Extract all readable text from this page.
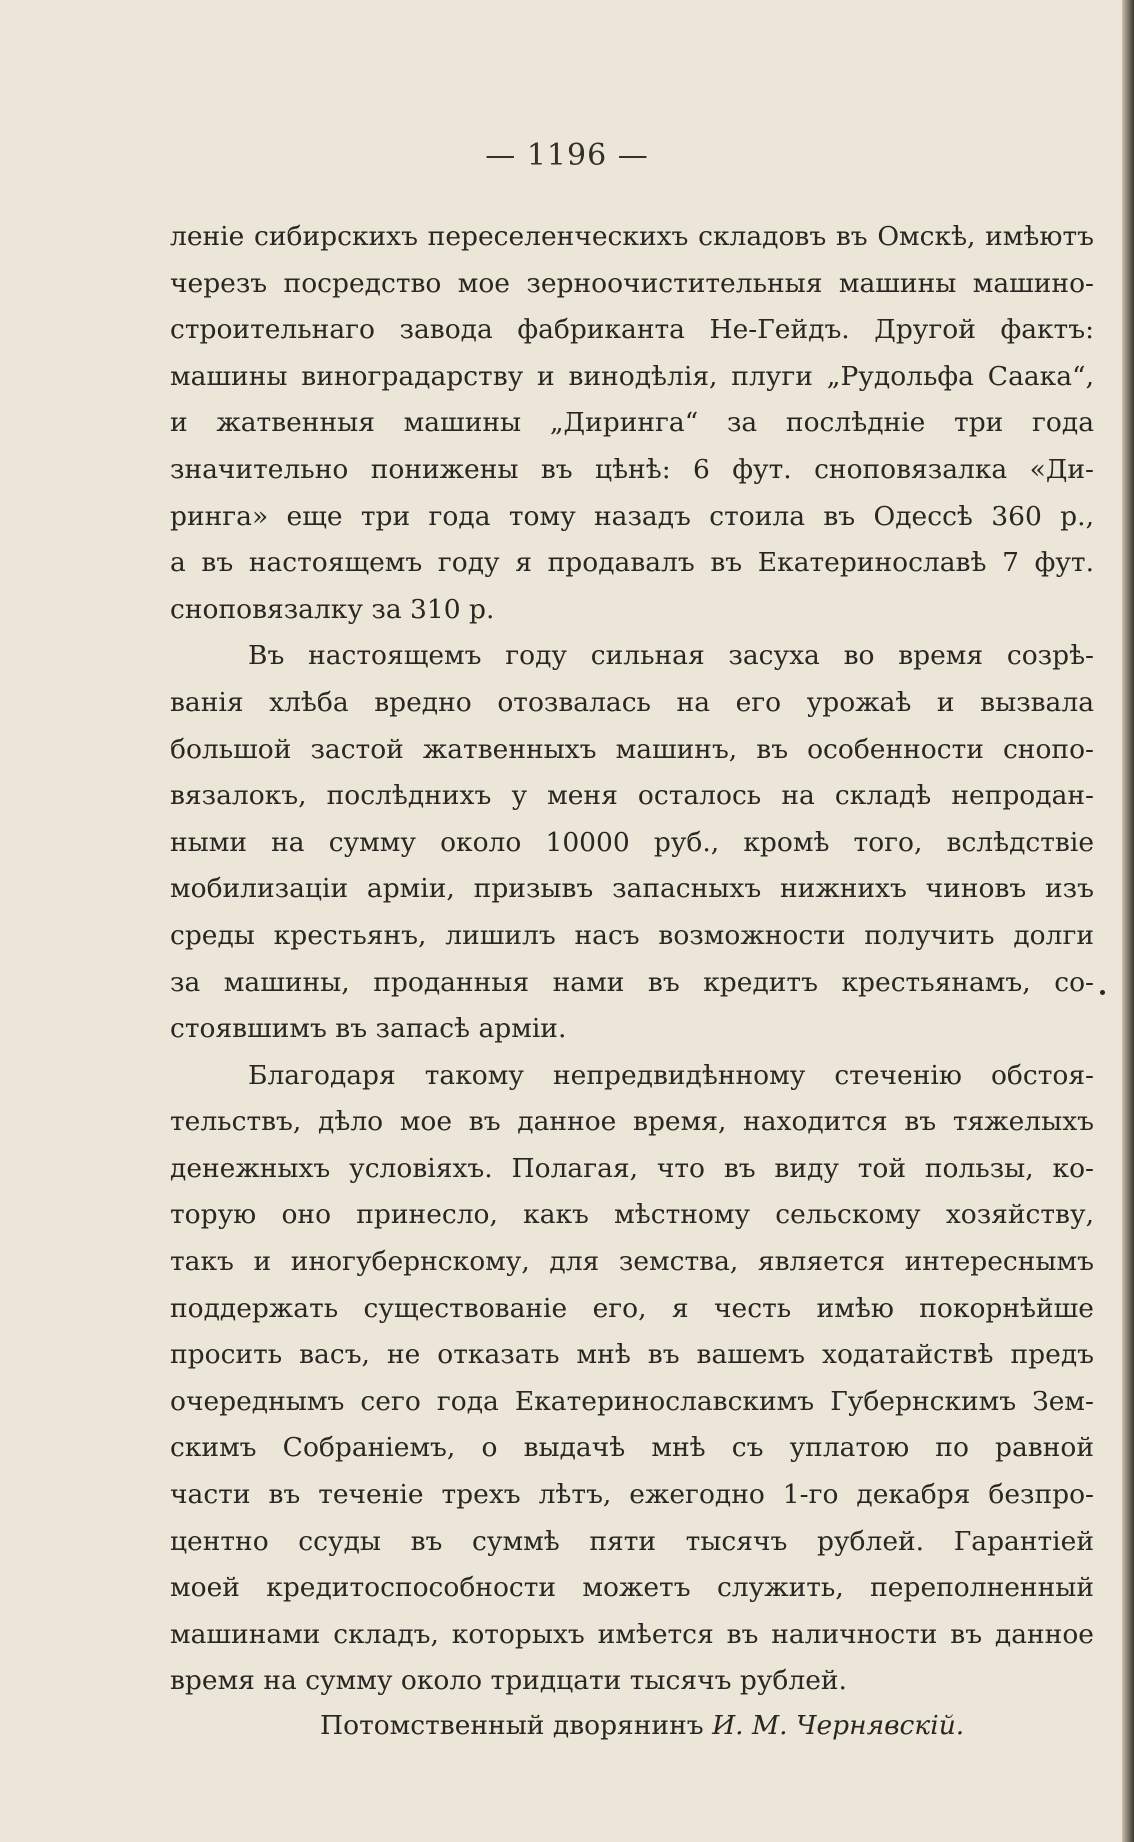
— 1196 —
леніе сибирскихъ переселенческихъ складовъ въ Омскѣ, имѣютъ
черезъ посредство мое зерноочистительныя машины машино-
строительнаго завода фабриканта Не-Гейдъ. Другой фактъ:
машины виноградарству и винодѣлія, плуги „Рудольфа Саака“,
и жатвенныя машины „Диринга“ за послѣдніе три года
значительно понижены въ цѣнѣ: 6 фут. сноповязалка «Ди-
ринга» еще три года тому назадъ стоила въ Одессѣ 360 р.,
а въ настоящемъ году я продавалъ въ Екатеринославѣ 7 фут.
сноповязалку за 310 р.
Въ настоящемъ году сильная засуха во время созрѣ-
ванія хлѣба вредно отозвалась на его урожаѣ и вызвала
большой застой жатвенныхъ машинъ, въ особенности снопо-
вязалокъ, послѣднихъ у меня осталось на складѣ непродан-
ными на сумму около 10000 руб., кромѣ того, вслѣдствіе
мобилизаціи арміи, призывъ запасныхъ нижнихъ чиновъ изъ
среды крестьянъ, лишилъ насъ возможности получить долги
за машины, проданныя нами въ кредитъ крестьянамъ, со-
стоявшимъ въ запасѣ арміи.
Благодаря такому непредвидѣнному стеченію обстоя-
тельствъ, дѣло мое въ данное время, находится въ тяжелыхъ
денежныхъ условіяхъ. Полагая, что въ виду той пользы, ко-
торую оно принесло, какъ мѣстному сельскому хозяйству,
такъ и иногубернскому, для земства, является интереснымъ
поддержать существованіе его, я честь имѣю покорнѣйше
просить васъ, не отказать мнѣ въ вашемъ ходатайствѣ предъ
очереднымъ сего года Екатеринославскимъ Губернскимъ Зем-
скимъ Собраніемъ, о выдачѣ мнѣ съ уплатою по равной
части въ теченіе трехъ лѣтъ, ежегодно 1-го декабря безпро-
центно ссуды въ суммѣ пяти тысячъ рублей. Гарантіей
моей кредитоспособности можетъ служить, переполненный
машинами складъ, которыхъ имѣется въ наличности въ данное
время на сумму около тридцати тысячъ рублей.
Потомственный дворянинъ И. М. Чернявскій.
